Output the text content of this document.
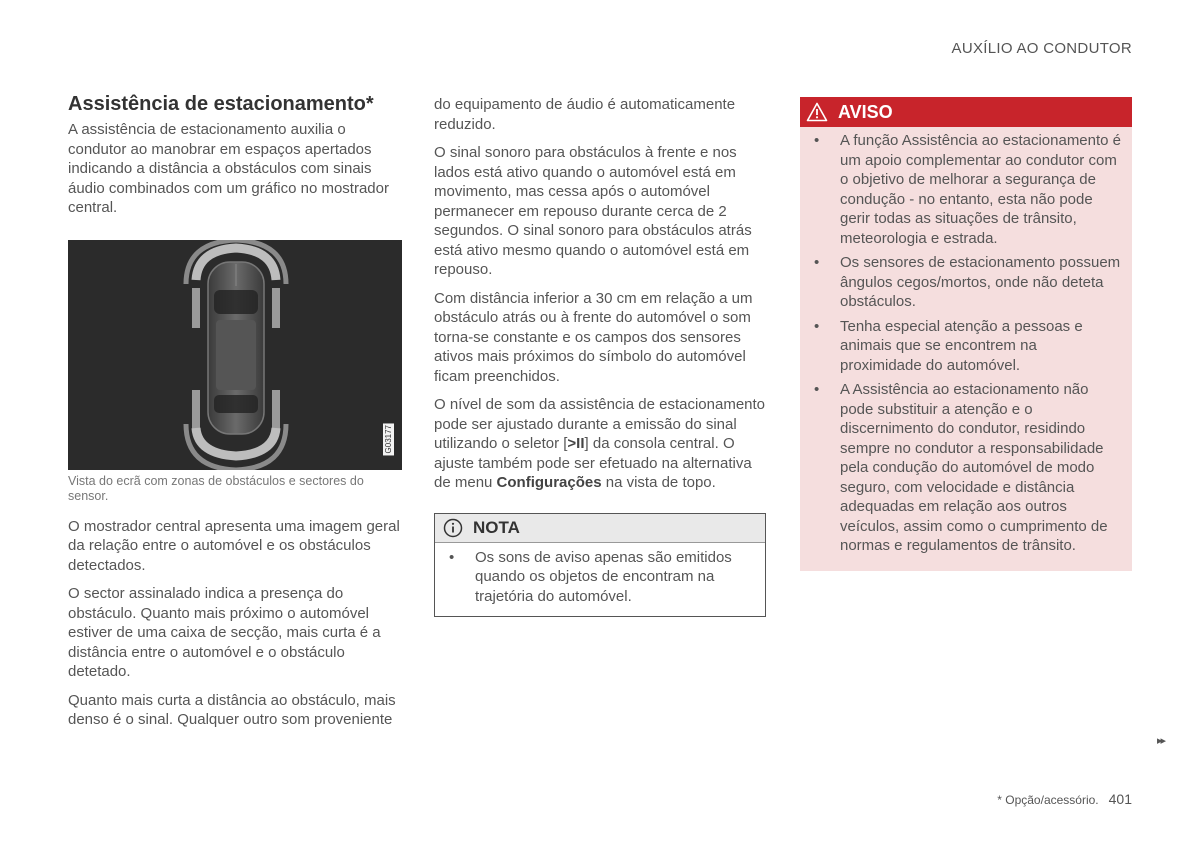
AUXÍLIO AO CONDUTOR
Assistência de estacionamento*

A assistência de estacionamento auxilia o condutor ao manobrar em espaços apertados indicando a distância a obstáculos com sinais áudio combinados com um gráfico no mostrador central.

G03177
Vista do ecrã com zonas de obstáculos e sectores do sensor.

O mostrador central apresenta uma imagem geral da relação entre o automóvel e os obstáculos detectados.

O sector assinalado indica a presença do obstáculo. Quanto mais próximo o automóvel estiver de uma caixa de secção, mais curta é a distância entre o automóvel e o obstáculo detetado.

Quanto mais curta a distância ao obstáculo, mais denso é o sinal. Qualquer outro som proveniente

do equipamento de áudio é automaticamente reduzido.

O sinal sonoro para obstáculos à frente e nos lados está ativo quando o automóvel está em movimento, mas cessa após o automóvel permanecer em repouso durante cerca de 2 segundos. O sinal sonoro para obstáculos atrás está ativo mesmo quando o automóvel está em repouso.

Com distância inferior a 30 cm em relação a um obstáculo atrás ou à frente do automóvel o som torna-se constante e os campos dos sensores ativos mais próximos do símbolo do automóvel ficam preenchidos.

O nível de som da assistência de estacionamento pode ser ajustado durante a emissão do sinal utilizando o seletor [>II] da consola central. O ajuste também pode ser efetuado na alternativa de menu Configurações na vista de topo.

NOTA
• Os sons de aviso apenas são emitidos quando os objetos de encontram na trajetória do automóvel.
AVISO
• A função Assistência ao estacionamento é um apoio complementar ao condutor com o objetivo de melhorar a segurança de condução - no entanto, esta não pode gerir todas as situações de trânsito, meteorologia e estrada.
• Os sensores de estacionamento possuem ângulos cegos/mortos, onde não deteta obstáculos.
• Tenha especial atenção a pessoas e animais que se encontrem na proximidade do automóvel.
• A Assistência ao estacionamento não pode substituir a atenção e o discernimento do condutor, residindo sempre no condutor a responsabilidade pela condução do automóvel de modo seguro, com velocidade e distância adequadas em relação aos outros veículos, assim como o cumprimento de normas e regulamentos de trânsito.
▸▸
* Opção/acessório. 401
